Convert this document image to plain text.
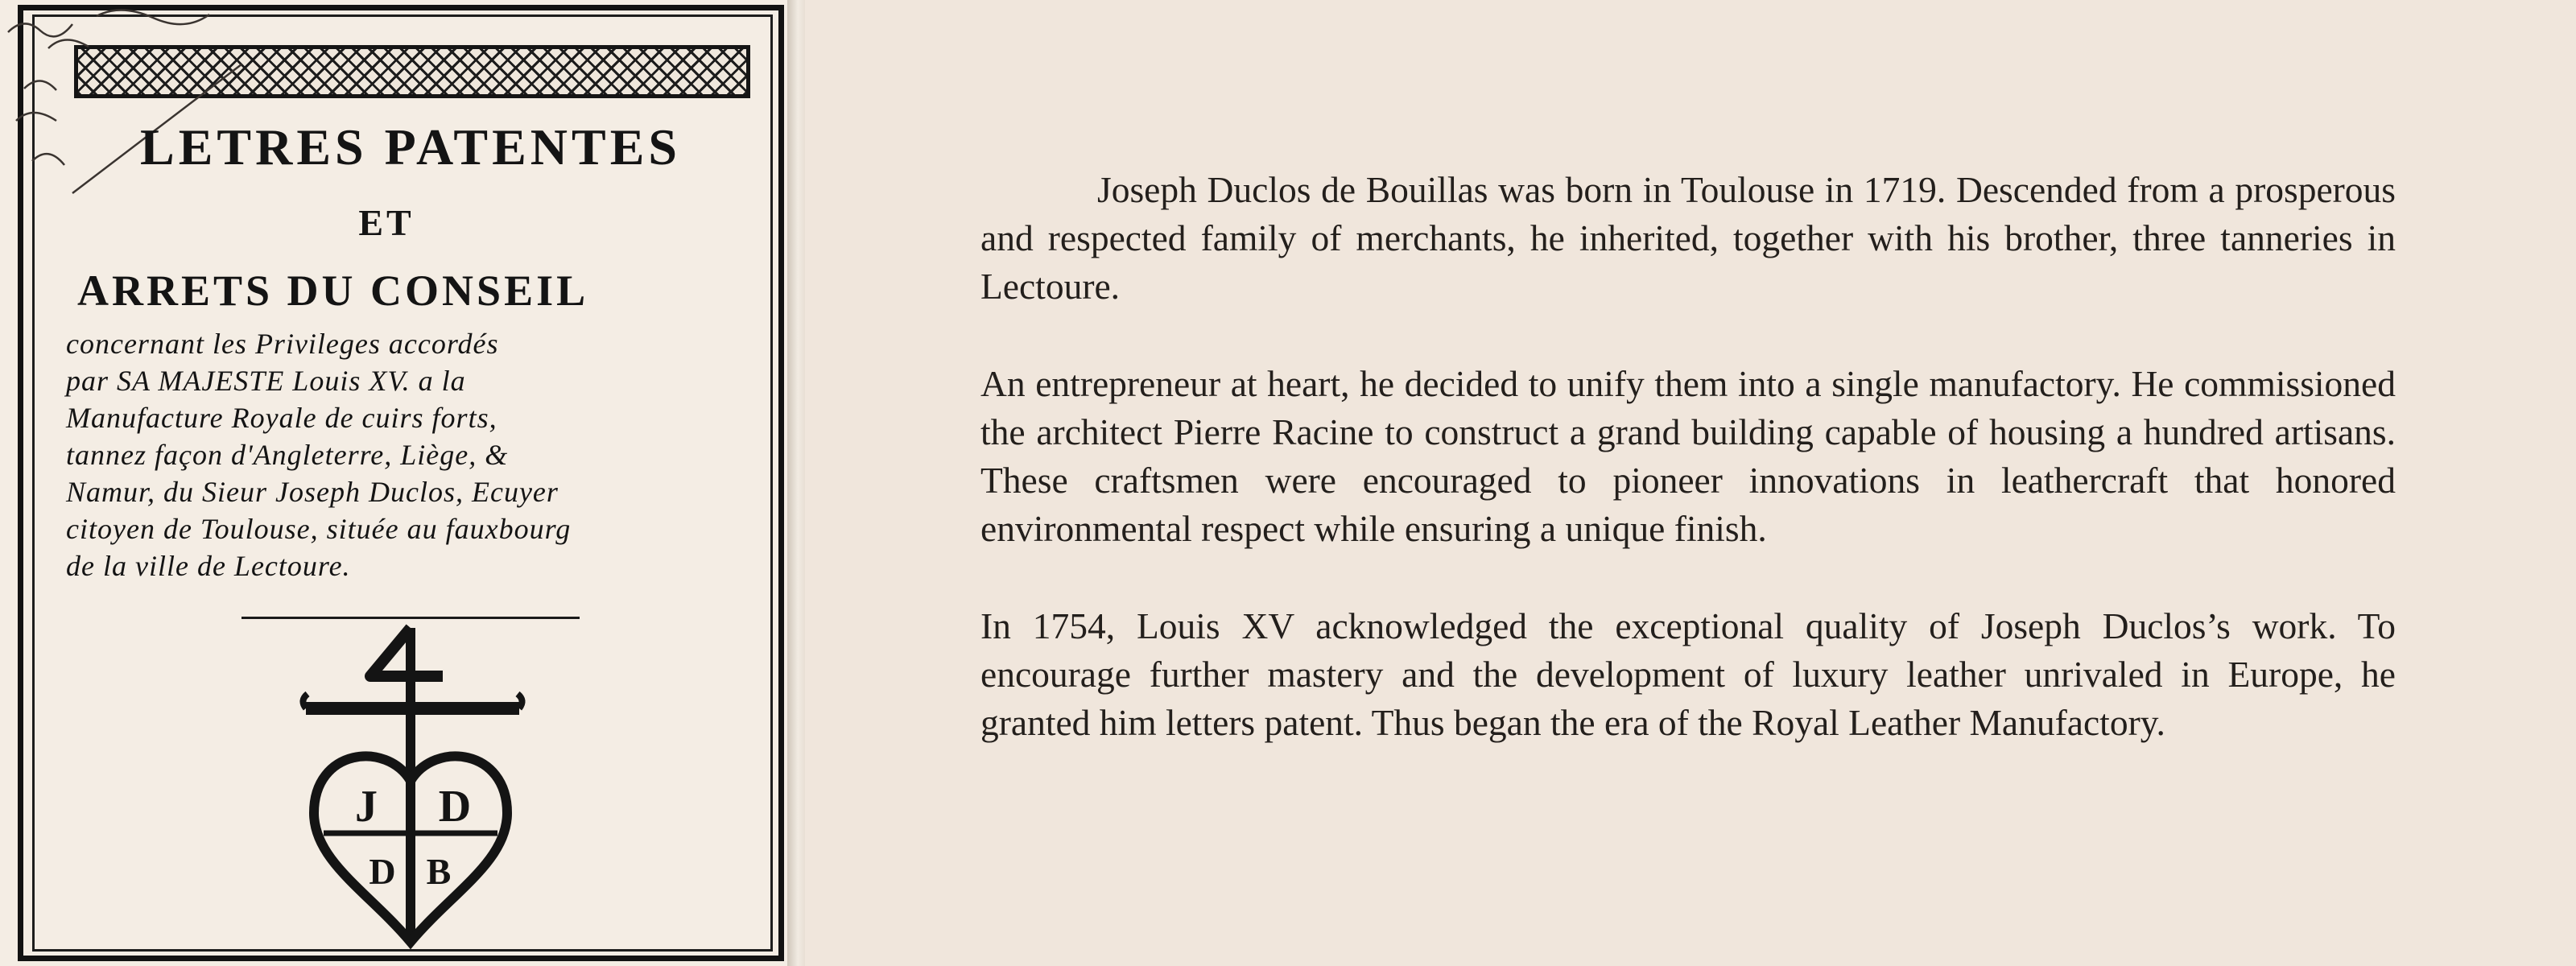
LETRES PATENTES
ET
ARRETS DU CONSEIL
concernant les Privileges accordés
par SA MAJESTE Louis XV. a la
Manufacture Royale de cuirs forts,
tannez façon d'Angleterre, Liège, &
Namur, du Sieur Joseph Duclos, Ecuyer
citoyen de Toulouse, située au fauxbourg
de la ville de Lectoure.
J D
D B

Joseph Duclos de Bouillas was born in Toulouse in 1719. Descended from a prosperous and respected family of merchants, he inherited, together with his brother, three tanneries in Lectoure.

An entrepreneur at heart, he decided to unify them into a single manufactory. He commissioned the architect Pierre Racine to construct a grand building capable of housing a hundred artisans. These craftsmen were encouraged to pioneer innovations in leathercraft that honored environmental respect while ensuring a unique finish.

In 1754, Louis XV acknowledged the exceptional quality of Joseph Duclos’s work. To encourage further mastery and the development of luxury leather unrivaled in Europe, he granted him letters patent. Thus began the era of the Royal Leather Manufactory.
